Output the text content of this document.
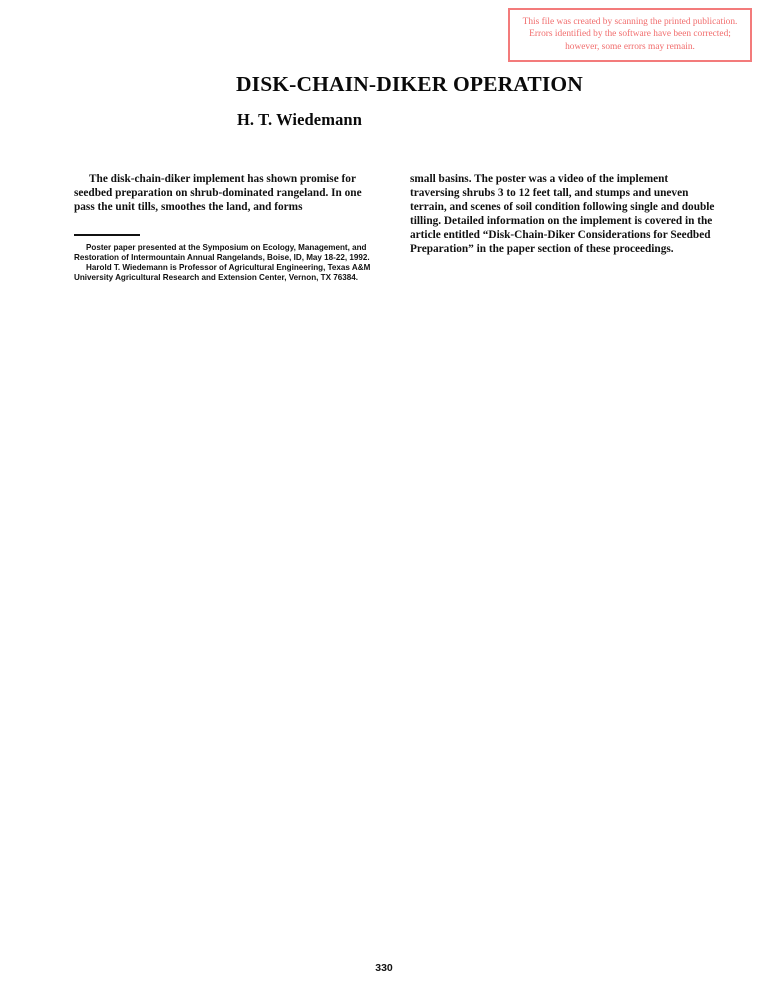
This file was created by scanning the printed publication.
Errors identified by the software have been corrected;
however, some errors may remain.
DISK-CHAIN-DIKER OPERATION
H. T. Wiedemann

The disk-chain-diker implement has shown promise for seedbed preparation on shrub-dominated rangeland. In one pass the unit tills, smoothes the land, and forms

small basins. The poster was a video of the implement traversing shrubs 3 to 12 feet tall, and stumps and uneven terrain, and scenes of soil condition following single and double tilling. Detailed information on the implement is covered in the article entitled “Disk-Chain-Diker Considerations for Seedbed Preparation” in the paper section of these proceedings.

Poster paper presented at the Symposium on Ecology, Management, and Restoration of Intermountain Annual Rangelands, Boise, ID, May 18-22, 1992.

Harold T. Wiedemann is Professor of Agricultural Engineering, Texas A&M University Agricultural Research and Extension Center, Vernon, TX 76384.

330
